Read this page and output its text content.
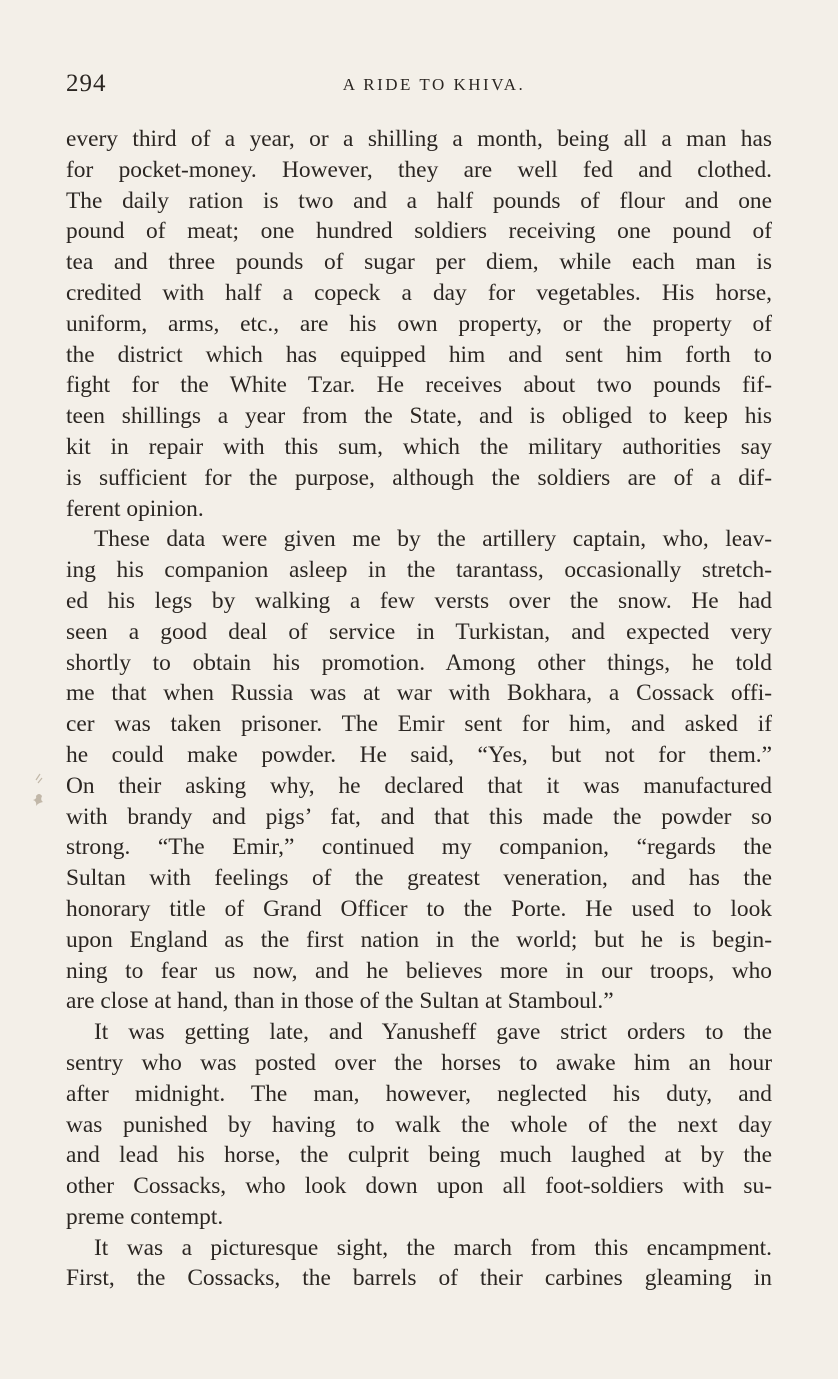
294	A RIDE TO KHIVA.
every third of a year, or a shilling a month, being all a man has
for pocket-money. However, they are well fed and clothed.
The daily ration is two and a half pounds of flour and one
pound of meat; one hundred soldiers receiving one pound of
tea and three pounds of sugar per diem, while each man is
credited with half a copeck a day for vegetables. His horse,
uniform, arms, etc., are his own property, or the property of
the district which has equipped him and sent him forth to
fight for the White Tzar. He receives about two pounds fif-
teen shillings a year from the State, and is obliged to keep his
kit in repair with this sum, which the military authorities say
is sufficient for the purpose, although the soldiers are of a dif-
ferent opinion.
These data were given me by the artillery captain, who, leav-
ing his companion asleep in the tarantass, occasionally stretch-
ed his legs by walking a few versts over the snow. He had
seen a good deal of service in Turkistan, and expected very
shortly to obtain his promotion. Among other things, he told
me that when Russia was at war with Bokhara, a Cossack offi-
cer was taken prisoner. The Emir sent for him, and asked if
he could make powder. He said, “Yes, but not for them.”
On their asking why, he declared that it was manufactured
with brandy and pigs’ fat, and that this made the powder so
strong. “The Emir,” continued my companion, “regards the
Sultan with feelings of the greatest veneration, and has the
honorary title of Grand Officer to the Porte. He used to look
upon England as the first nation in the world; but he is begin-
ning to fear us now, and he believes more in our troops, who
are close at hand, than in those of the Sultan at Stamboul.”
It was getting late, and Yanusheff gave strict orders to the
sentry who was posted over the horses to awake him an hour
after midnight. The man, however, neglected his duty, and
was punished by having to walk the whole of the next day
and lead his horse, the culprit being much laughed at by the
other Cossacks, who look down upon all foot-soldiers with su-
preme contempt.
It was a picturesque sight, the march from this encampment.
First, the Cossacks, the barrels of their carbines gleaming in
